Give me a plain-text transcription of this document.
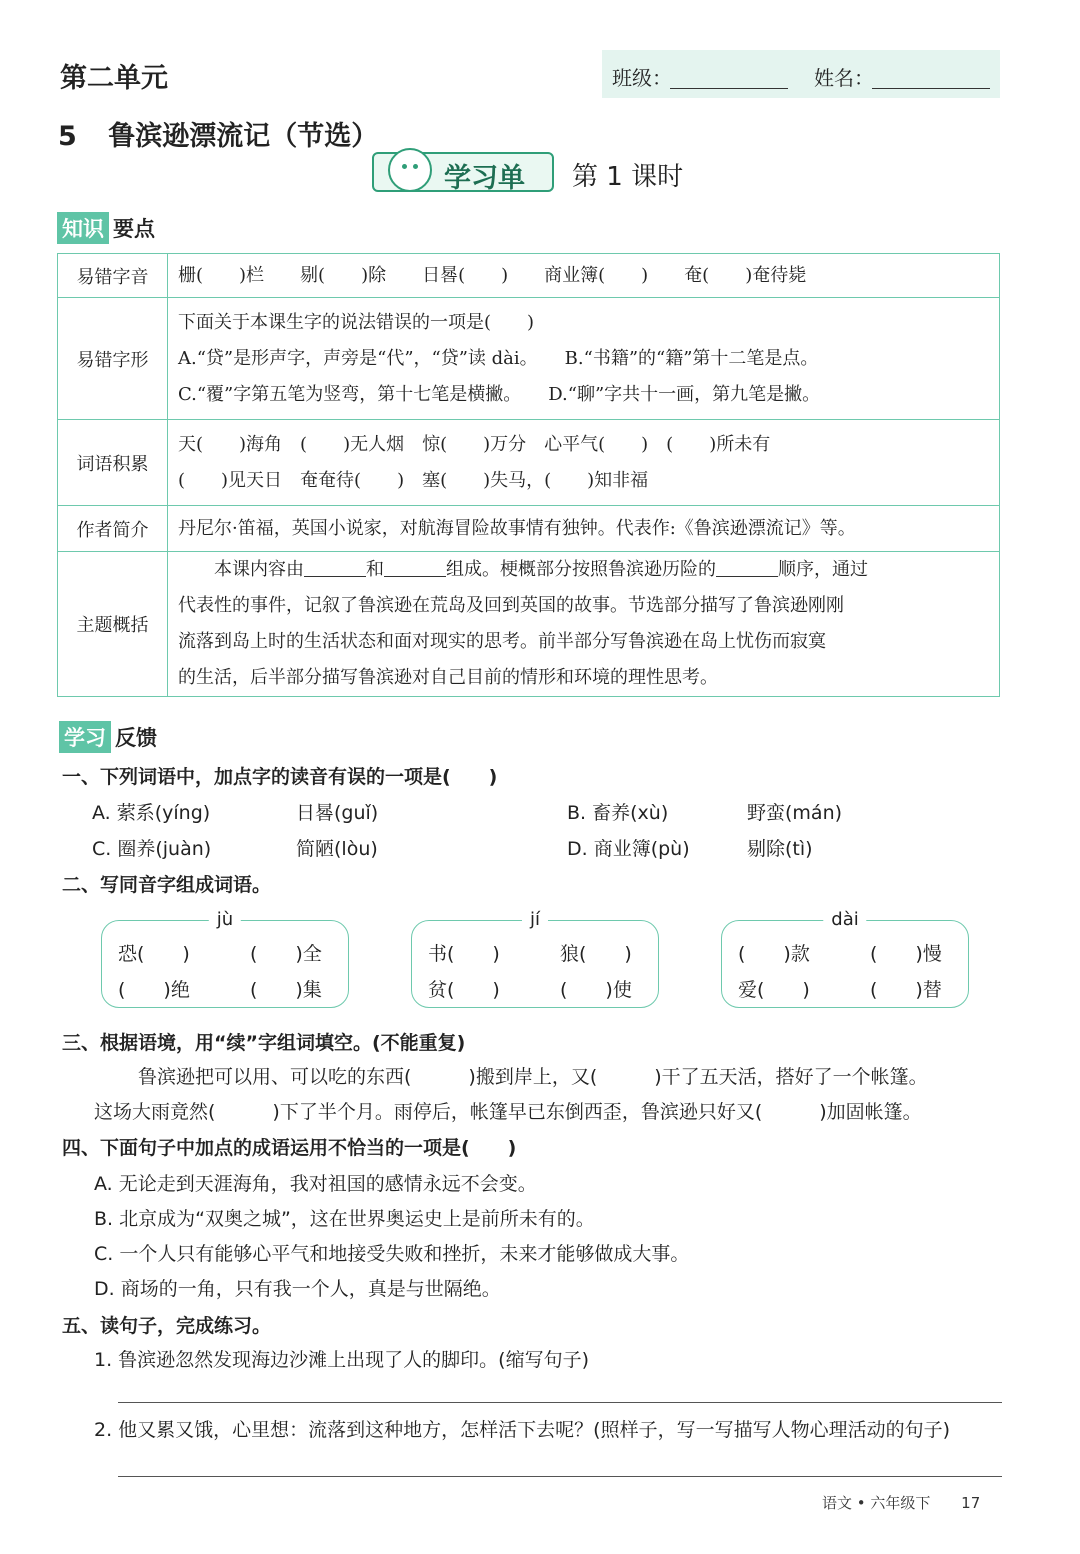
第二单元	班级：	姓名：
5 鲁滨逊漂流记（节选）
学习单 第 1 课时
知识 要点
易错字音	栅(　　)栏　　剔(　　)除　　日晷(　　)　　商业簿(　　)　　奄(　　)奄待毙

易错字形	下面关于本课生字的说法错误的一项是(　　)
A.“贷”是形声字，声旁是“代”，“贷”读 dài。　　B.“书籍”的“籍”第十二笔是点。
C.“覆”字第五笔为竖弯，第十七笔是横撇。　　D.“聊”字共十一画，第九笔是撇。

词语积累	天(　　)海角　(　　)无人烟　惊(　　)万分　心平气(　　)　(　　)所未有
(　　)见天日　奄奄待(　　)　塞(　　)失马，(　　)知非福

作者简介	丹尼尔·笛福，英国小说家，对航海冒险故事情有独钟。代表作:《鲁滨逊漂流记》等。

主题概括	本课内容由 和 组成。梗概部分按照鲁滨逊历险的 顺序，通过
代表性的事件，记叙了鲁滨逊在荒岛及回到英国的故事。节选部分描写了鲁滨逊刚刚
流落到岛上时的生活状态和面对现实的思考。前半部分写鲁滨逊在岛上忧伤而寂寞
的生活，后半部分描写鲁滨逊对自己目前的情形和环境的理性思考。
学习 反馈
一、下列词语中，加点字的读音有误的一项是(　　)
A. 萦系(yíng)	日晷(guǐ)	B. 畜养(xù)	野蛮(mán)
C. 圈养(juàn)	简陋(lòu)	D. 商业簿(pù)	剔除(tì)
二、写同音字组成词语。
jù
恐(　　)	(　　)全
(　　)绝	(　　)集
jí
书(　　)	狼(　　)
贫(　　)	(　　)使
dài
(　　)款	(　　)慢
爱(　　)	(　　)替
三、根据语境，用“续”字组词填空。(不能重复)
鲁滨逊把可以用、可以吃的东西(　　　)搬到岸上，又(　　　)干了五天活，搭好了一个帐篷。
这场大雨竟然(　　　)下了半个月。雨停后，帐篷早已东倒西歪，鲁滨逊只好又(　　　)加固帐篷。
四、下面句子中加点的成语运用不恰当的一项是(　　)
A. 无论走到天涯海角，我对祖国的感情永远不会变。
B. 北京成为“双奥之城”，这在世界奥运史上是前所未有的。
C. 一个人只有能够心平气和地接受失败和挫折，未来才能够做成大事。
D. 商场的一角，只有我一个人，真是与世隔绝。
五、读句子，完成练习。
1. 鲁滨逊忽然发现海边沙滩上出现了人的脚印。(缩写句子)
2. 他又累又饿，心里想：流落到这种地方，怎样活下去呢？(照样子，写一写描写人物心理活动的句子)
语文 • 六年级下 17
